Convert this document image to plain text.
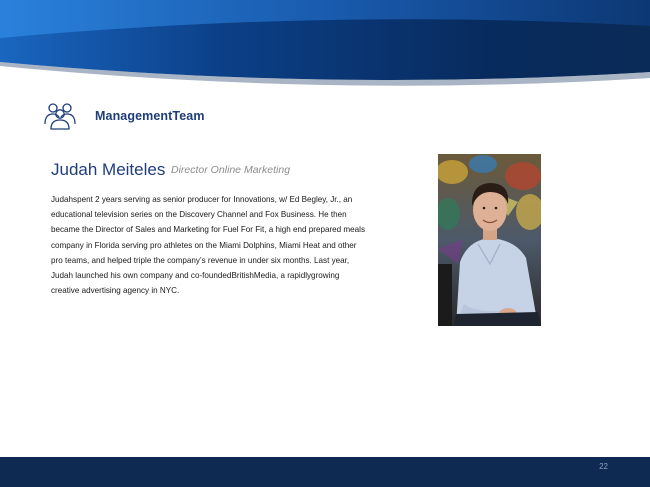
ManagementTeam
Judah Meiteles Director Online Marketing

Judahspent 2 years serving as senior producer for Innovations, w/ Ed Begley, Jr., an
educational television series on the Discovery Channel and Fox Business. He then
became the Director of Sales and Marketing for Fuel For Fit, a high end prepared meals
company in Florida serving pro athletes on the Miami Dolphins, Miami Heat and other
pro teams, and helped triple the company’s revenue in under six months. Last year,
Judah launched his own company and co-foundedBritishMedia, a rapidlygrowing
creative advertising agency in NYC.

22
